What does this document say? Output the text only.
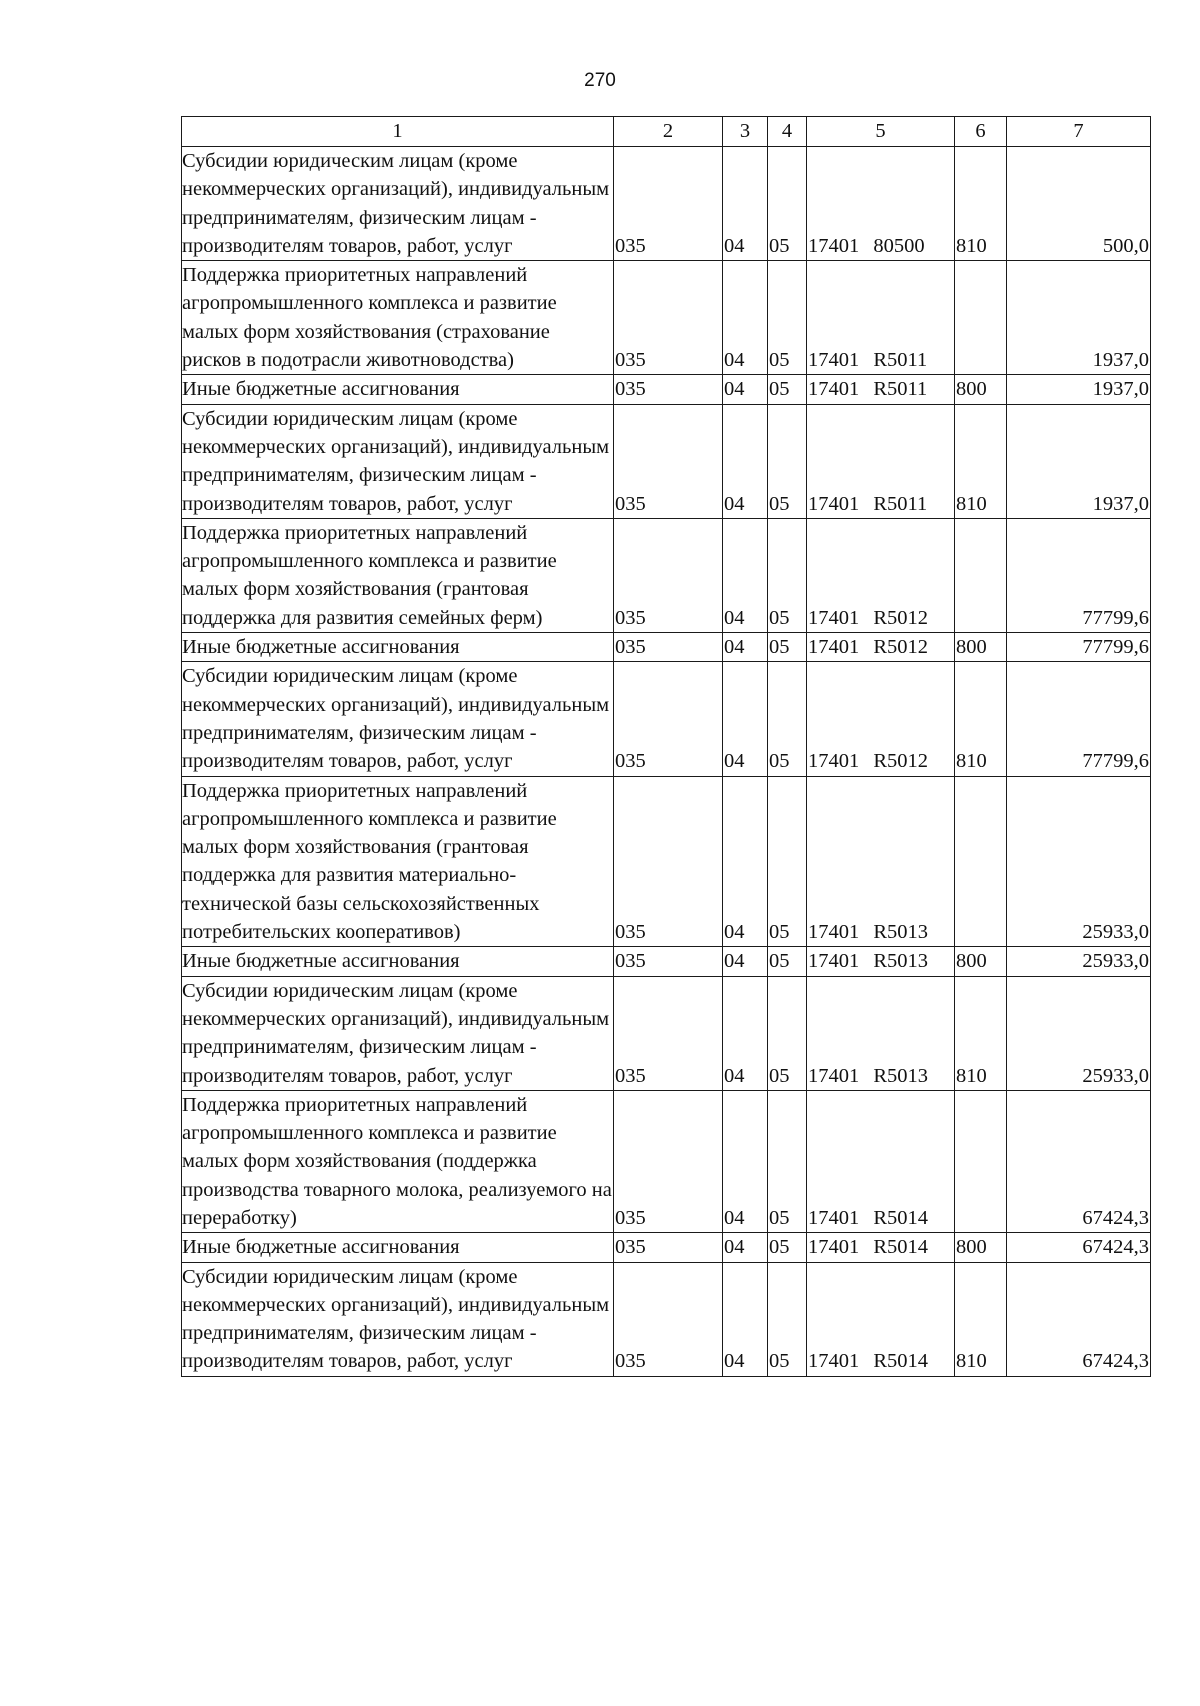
270
1	2	3	4	5	6	7
Субсидии юридическим лицам (кроме некоммерческих организаций), индивидуальным предпринимателям, физическим лицам - производителям товаров, работ, услуг	035	04	05	17401 80500	810	500,0
Поддержка приоритетных направлений агропромышленного комплекса и развитие малых форм хозяйствования (страхование рисков в подотрасли животноводства)	035	04	05	17401 R5011		1937,0
Иные бюджетные ассигнования	035	04	05	17401 R5011	800	1937,0
Субсидии юридическим лицам (кроме некоммерческих организаций), индивидуальным предпринимателям, физическим лицам - производителям товаров, работ, услуг	035	04	05	17401 R5011	810	1937,0
Поддержка приоритетных направлений агропромышленного комплекса и развитие малых форм хозяйствования (грантовая поддержка для развития семейных ферм)	035	04	05	17401 R5012		77799,6
Иные бюджетные ассигнования	035	04	05	17401 R5012	800	77799,6
Субсидии юридическим лицам (кроме некоммерческих организаций), индивидуальным предпринимателям, физическим лицам - производителям товаров, работ, услуг	035	04	05	17401 R5012	810	77799,6
Поддержка приоритетных направлений агропромышленного комплекса и развитие малых форм хозяйствования (грантовая поддержка для развития материально-технической базы сельскохозяйственных потребительских кооперативов)	035	04	05	17401 R5013		25933,0
Иные бюджетные ассигнования	035	04	05	17401 R5013	800	25933,0
Субсидии юридическим лицам (кроме некоммерческих организаций), индивидуальным предпринимателям, физическим лицам - производителям товаров, работ, услуг	035	04	05	17401 R5013	810	25933,0
Поддержка приоритетных направлений агропромышленного комплекса и развитие малых форм хозяйствования (поддержка производства товарного молока, реализуемого на переработку)	035	04	05	17401 R5014		67424,3
Иные бюджетные ассигнования	035	04	05	17401 R5014	800	67424,3
Субсидии юридическим лицам (кроме некоммерческих организаций), индивидуальным предпринимателям, физическим лицам - производителям товаров, работ, услуг	035	04	05	17401 R5014	810	67424,3
